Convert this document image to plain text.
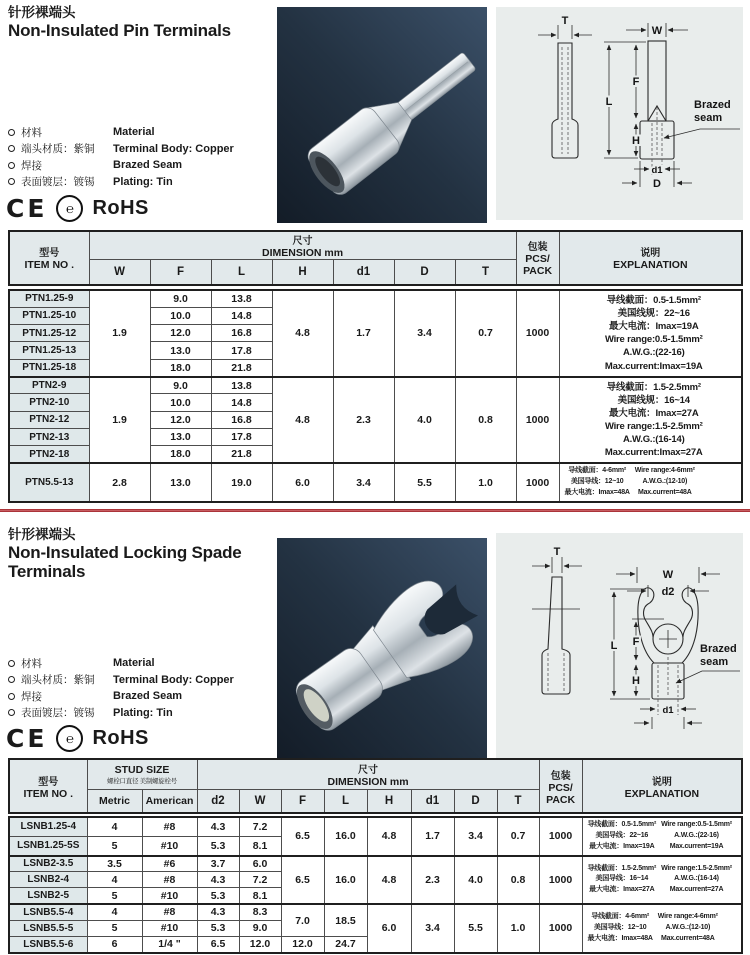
针形裸端头
Non-Insulated Pin Terminals	T
W
L
F
H
d1
D
Brazed
seam
材料	Material
端头材质：紫铜	Terminal Body: Copper
焊接	Brazed Seam
表面镀层：镀锡	Plating: Tin
CE ℮ RoHS
型号
ITEM NO .

尺寸
DIMENSION mm	包装
PCS/
PACK

说明
EXPLANATION

	W	F	L	H	d1	D	T		
PTN1.25-9	1.9	9.0	13.8	4.8	1.7	3.4	0.7	1000	
导线截面：0.5-1.5mm²
美国线规：22~16
最大电流：Imax=19A
Wire range:0.5-1.5mm²
A.W.G.:(22-16)
Max.current:Imax=19A

PTN1.25-10		10.0	14.8						
PTN1.25-12		12.0	16.8						
PTN1.25-13		13.0	17.8						
PTN1.25-18		18.0	21.8						
PTN2-9	1.9	9.0	13.8	4.8	2.3	4.0	0.8	1000	
导线截面：1.5-2.5mm²
美国线规：16~14
最大电流：Imax=27A
Wire range:1.5-2.5mm²
A.W.G.:(16-14)
Max.current:Imax=27A

PTN2-10		10.0	14.8						
PTN2-12		12.0	16.8						
PTN2-13		13.0	17.8						
PTN2-18		18.0	21.8						
PTN5.5-13	2.8	13.0	19.0	6.0	3.4	5.5	1.0	1000	
导线截面：4-6mm²
美国导线：12~10
最大电流：Imax=48A
Wire range:4-6mm²
A.W.G.:(12-10)
Max.current=48A
针形裸端头
Non-Insulated Locking Spade Terminals
T
W
d2
L F
H
d1
Brazed
seam
材料	Material
端头材质：紫铜	Terminal Body: Copper
焊接	Brazed Seam
表面镀层：镀锡	Plating: Tin
CE ℮ RoHS
型号
ITEM NO .

STUD SIZE
螺栓口直径 美制螺旋栓号

尺寸
DIMENSION mm	包装
PCS/
PACK

说明
EXPLANATION

	Metric	American	d2	W	F	L	H	d1	D	T		
LSNB1.25-4	4	#8	4.3	7.2	6.5	16.0	4.8	1.7	3.4	0.7	1000	
导线截面：0.5-1.5mm²
美国导线：22~16
最大电流：Imax=19A
Wire range:0.5-1.5mm²
A.W.G.:(22-16)
Max.current=19A

LSNB1.25-5S	5	#10	5.3	8.1								
LSNB2-3.5	3.5	#6	3.7	6.0	6.5	16.0	4.8	2.3	4.0	0.8	1000	
导线截面：1.5-2.5mm²
美国导线：16~14
最大电流：Imax=27A
Wire range:1.5-2.5mm²
A.W.G.:(16-14)
Max.current=27A

LSNB2-4	4	#8	4.3	7.2								
LSNB2-5	5	#10	5.3	8.1								
LSNB5.5-4	4	#8	4.3	8.3	7.0	18.5	6.0	3.4	5.5	1.0	1000	
导线截面：4-6mm²
美国导线：12~10
最大电流：Imax=48A
Wire range:4-6mm²
A.W.G.:(12-10)
Max.current=48A

LSNB5.5-5	5	#10	5.3	9.0								
LSNB5.5-6	6	1/4 "	6.5	12.0	12.0	24.7						
